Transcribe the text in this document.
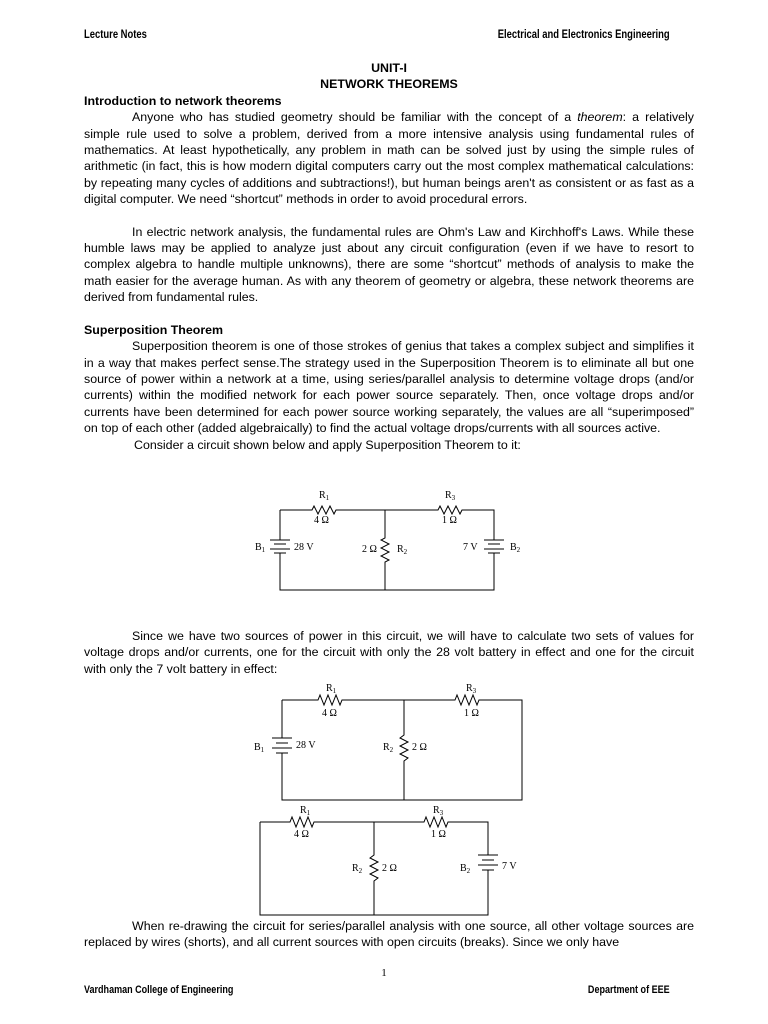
Lecture Notes	Electrical and Electronics Engineering
UNIT-I
NETWORK THEOREMS
Introduction to network theorems

Anyone who has studied geometry should be familiar with the concept of a theorem: a relatively simple rule used to solve a problem, derived from a more intensive analysis using fundamental rules of mathematics. At least hypothetically, any problem in math can be solved just by using the simple rules of arithmetic (in fact, this is how modern digital computers carry out the most complex mathematical calculations: by repeating many cycles of additions and subtractions!), but human beings aren't as consistent or as fast as a digital computer. We need “shortcut” methods in order to avoid procedural errors.

In electric network analysis, the fundamental rules are Ohm's Law and Kirchhoff's Laws. While these humble laws may be applied to analyze just about any circuit configuration (even if we have to resort to complex algebra to handle multiple unknowns), there are some “shortcut” methods of analysis to make the math easier for the average human. As with any theorem of geometry or algebra, these network theorems are derived from fundamental rules.

Superposition Theorem

Superposition theorem is one of those strokes of genius that takes a complex subject and simplifies it in a way that makes perfect sense.The strategy used in the Superposition Theorem is to eliminate all but one source of power within a network at a time, using series/parallel analysis to determine voltage drops (and/or currents) within the modified network for each power source separately. Then, once voltage drops and/or currents have been determined for each power source working separately, the values are all “superimposed” on top of each other (added algebraically) to find the actual voltage drops/currents with all sources active.

Consider a circuit shown below and apply Superposition Theorem to it:

Since we have two sources of power in this circuit, we will have to calculate two sets of values for voltage drops and/or currents, one for the circuit with only the 28 volt battery in effect and one for the circuit with only the 7 volt battery in effect:

When re-drawing the circuit for series/parallel analysis with one source, all other voltage sources are replaced by wires (shorts), and all current sources with open circuits (breaks). Since we only have

$R_1$
4 Ω
$R_3$
1 Ω
$B_1$	28 V	2 Ω $R_2$	7 V	$B_2$
$R_1$
4 Ω
$R_3$
1 Ω
$B_1$	28 V	$R_2$ 2 Ω
$R_1$
4 Ω
$R_3$
1 Ω
$R_2$ 2 Ω	$B_2$	7 V
1
Vardhaman College of Engineering	Department of EEE
